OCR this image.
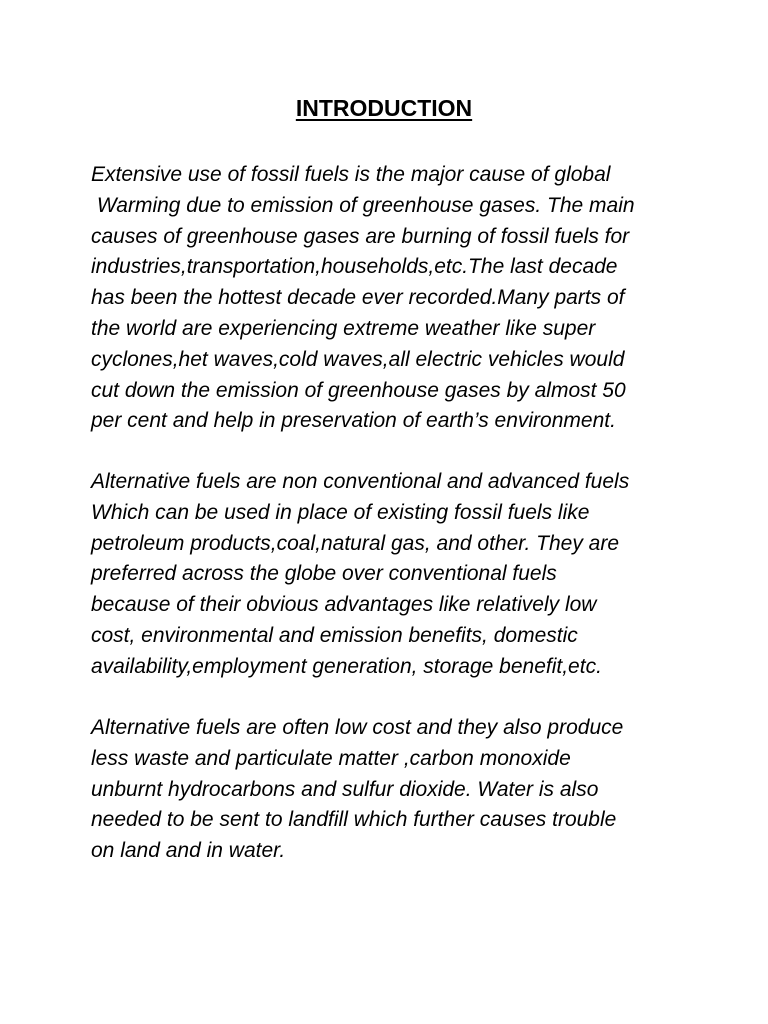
INTRODUCTION
Extensive use of fossil fuels is the major cause of global
Warming due to emission of greenhouse gases. The main
causes of greenhouse gases are burning of fossil fuels for
industries,transportation,households,etc.The last decade
has been the hottest decade ever recorded.Many parts of
the world are experiencing extreme weather like super
cyclones,het waves,cold waves,all electric vehicles would
cut down the emission of greenhouse gases by almost 50
per cent and help in preservation of earth’s environment.
Alternative fuels are non conventional and advanced fuels
Which can be used in place of existing fossil fuels like
petroleum products,coal,natural gas, and other. They are
preferred across the globe over conventional fuels
because of their obvious advantages like relatively low
cost, environmental and emission benefits, domestic
availability,employment generation, storage benefit,etc.
Alternative fuels are often low cost and they also produce
less waste and particulate matter ,carbon monoxide
unburnt hydrocarbons and sulfur dioxide. Water is also
needed to be sent to landfill which further causes trouble
on land and in water.
